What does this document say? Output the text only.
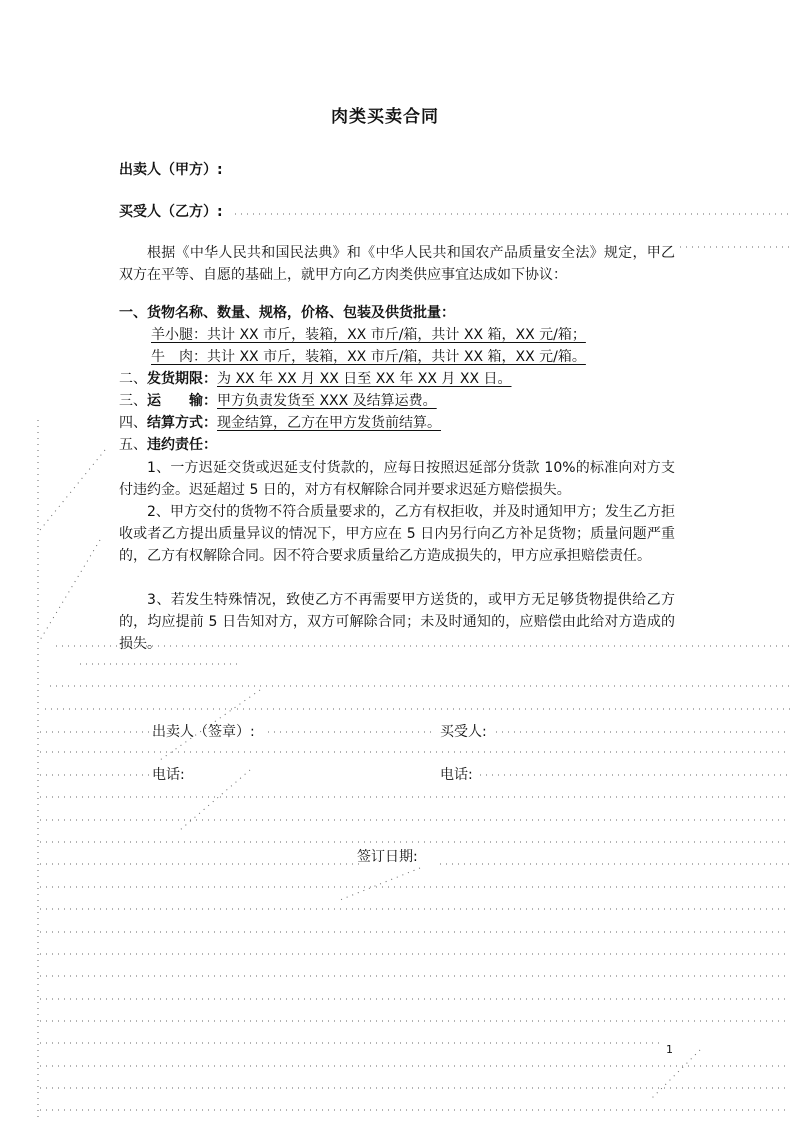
肉类买卖合同
出卖人（甲方）:
买受人（乙方）:
根据《中华人民共和国民法典》和《中华人民共和国农产品质量安全法》规定，甲乙双方在平等、自愿的基础上，就甲方向乙方肉类供应事宜达成如下协议：
一、货物名称、数量、规格，价格、包装及供货批量：
羊小腿：共计 XX 市斤，装箱，XX 市斤/箱，共计 XX 箱，XX 元/箱；
牛　肉：共计 XX 市斤，装箱，XX 市斤/箱，共计 XX 箱，XX 元/箱。
二、发货期限：为 XX 年 XX 月 XX 日至 XX 年 XX 月 XX 日。
三、运　　输：甲方负责发货至 XXX 及结算运费。
四、结算方式：现金结算，乙方在甲方发货前结算。
五、违约责任：
1、一方迟延交货或迟延支付货款的，应每日按照迟延部分货款 10%的标准向对方支付违约金。迟延超过 5 日的，对方有权解除合同并要求迟延方赔偿损失。
2、甲方交付的货物不符合质量要求的，乙方有权拒收，并及时通知甲方；发生乙方拒收或者乙方提出质量异议的情况下，甲方应在 5 日内另行向乙方补足货物；质量问题严重的，乙方有权解除合同。因不符合要求质量给乙方造成损失的，甲方应承担赔偿责任。
3、若发生特殊情况，致使乙方不再需要甲方送货的，或甲方无足够货物提供给乙方的，均应提前 5 日告知对方，双方可解除合同；未及时通知的，应赔偿由此给对方造成的损失。
出卖人（签章）:	买受人:
电话:	电话:
签订日期:
1
